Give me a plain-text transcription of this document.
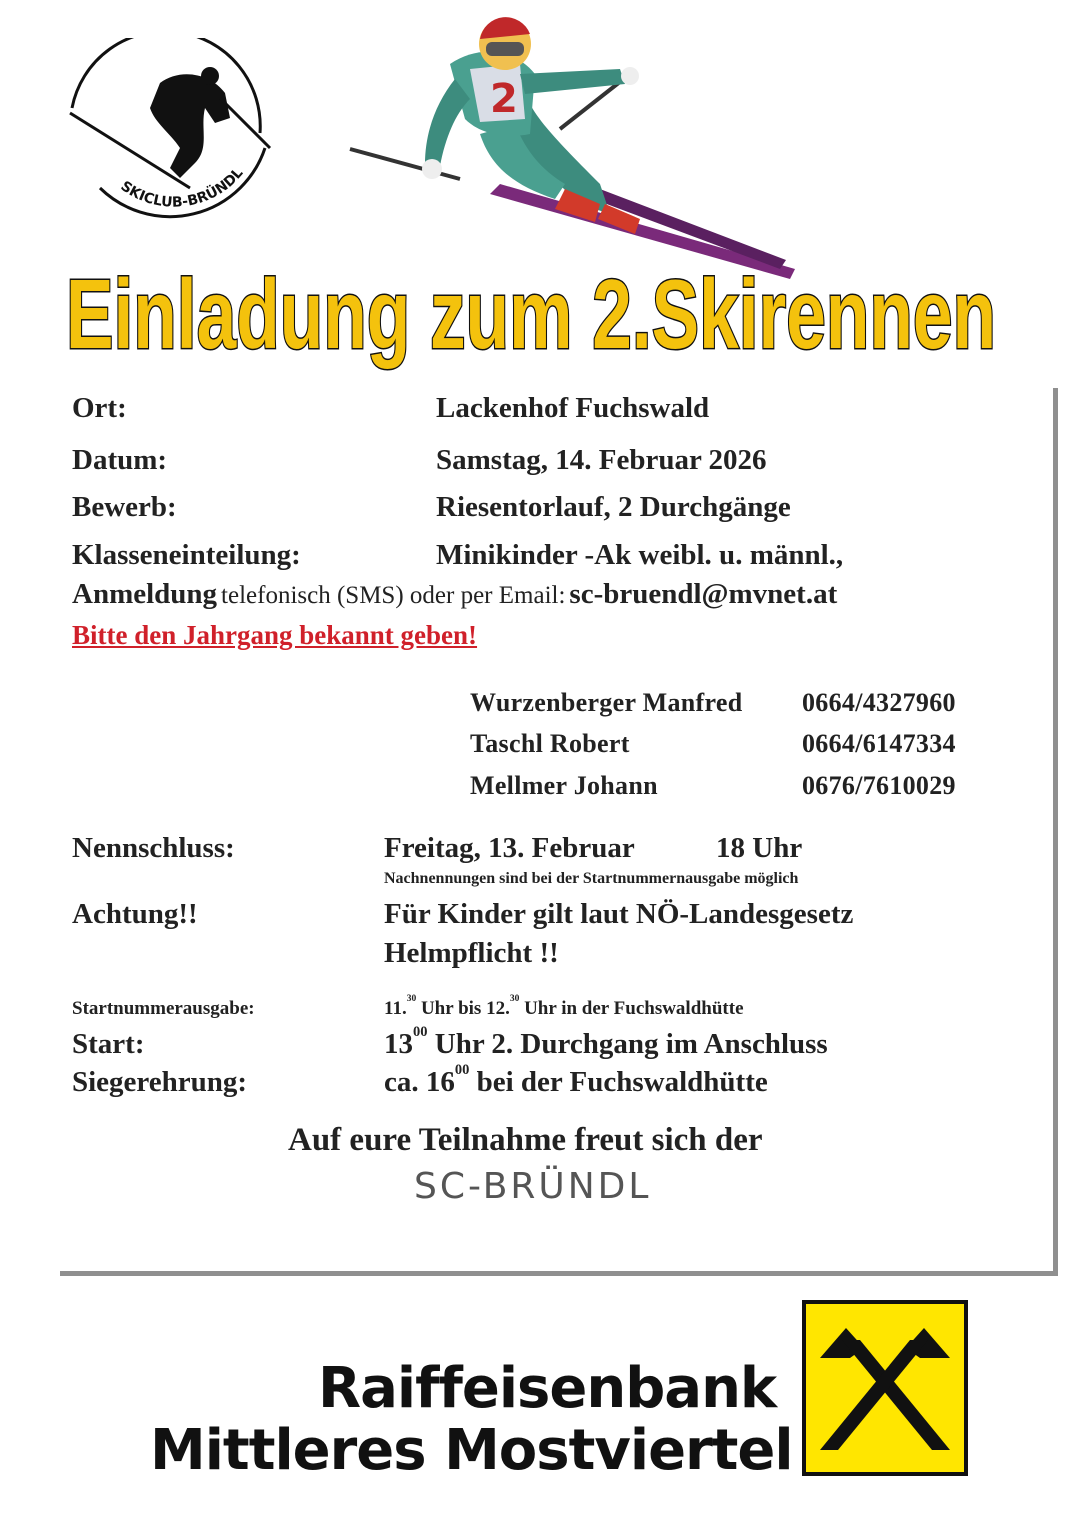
SKICLUB-BRÜNDL
2
Einladung zum 2.Skirennen
Ort:	Lackenhof Fuchswald
Datum:	Samstag, 14. Februar 2026
Bewerb:	Riesentorlauf, 2 Durchgänge
Klasseneinteilung:	Minikinder -Ak weibl. u. männl.,
Anmeldung telefonisch (SMS) oder per Email: sc-bruendl@mvnet.at
Bitte den Jahrgang bekannt geben!
Wurzenberger Manfred 0664/4327960
Taschl Robert	0664/6147334
Mellmer Johann	0676/7610029
Nennschluss:	Freitag, 13. Februar	18 Uhr
Nachnennungen sind bei der Startnummernausgabe möglich
Achtung!!	Für Kinder gilt laut NÖ-Landesgesetz
Helmpflicht !!
Startnummerausgabe:	11.30 Uhr bis 12.30 Uhr in der Fuchswaldhütte
Start:	$13^{00}$ Uhr 2. Durchgang im Anschluss
Siegerehrung:	ca. $16^{00}$ bei der Fuchswaldhütte
Auf eure Teilnahme freut sich der
SC-BRÜNDL
Raiffeisenbank
Mittleres Mostviertel
